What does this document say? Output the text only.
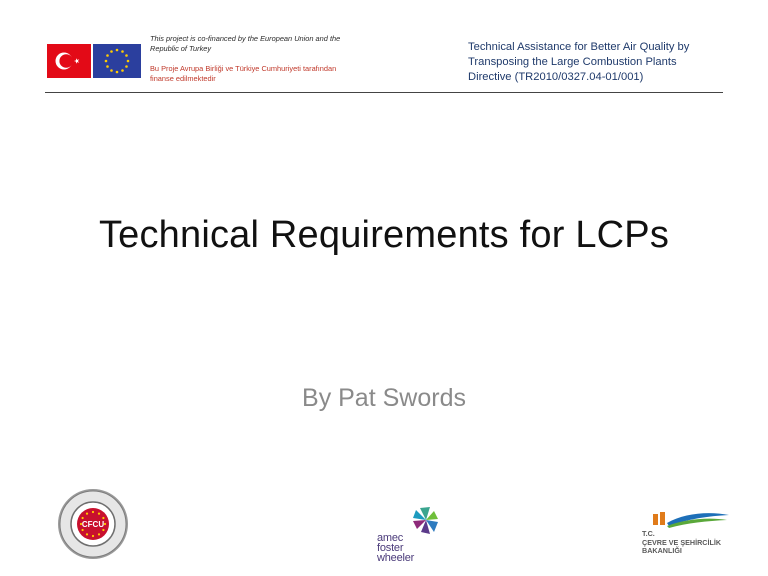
This project is co-financed by the European Union and the Republic of Turkey
Bu Proje Avrupa Birliği ve Türkiye Cumhuriyeti tarafından finanse edilmektedir
Technical Assistance for Better Air Quality by
Transposing the Large Combustion Plants
Directive (TR2010/0327.04-01/001)
Technical Requirements for LCPs
By Pat Swords
CFCU
amec
foster
wheeler
T.C.
ÇEVRE VE ŞEHİRCİLİK
BAKANLIĞI
